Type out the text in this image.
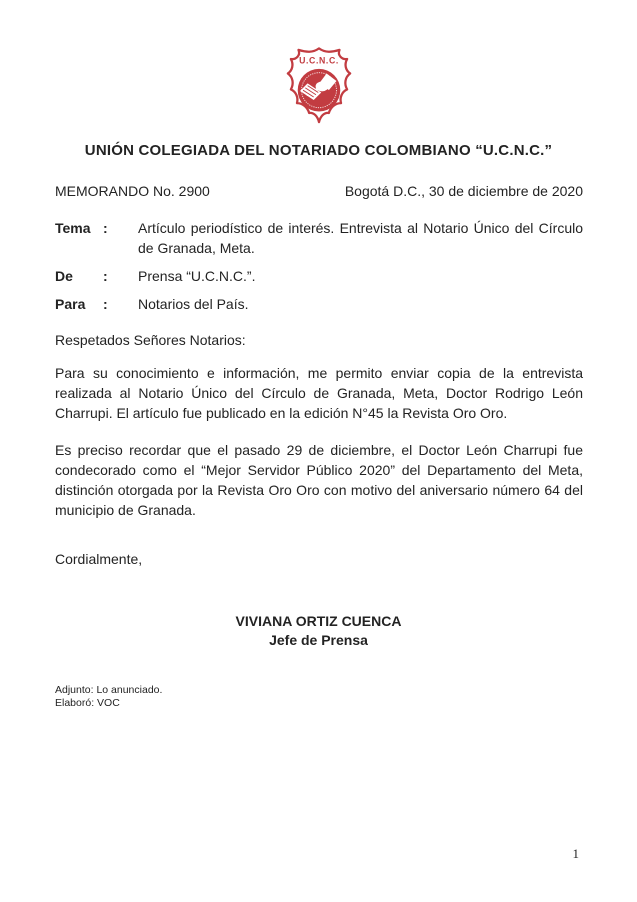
U.C.N.C.
UNIÓN COLEGIADA DEL NOTARIADO COLOMBIANO “U.C.N.C.”
MEMORANDO No. 2900	Bogotá D.C., 30 de diciembre de 2020
Tema :	Artículo periodístico de interés. Entrevista al Notario Único del Círculo de Granada, Meta.
De	:	Prensa “U.C.N.C.”.
Para	:	Notarios del País.
Respetados Señores Notarios:
Para su conocimiento e información, me permito enviar copia de la entrevista realizada al Notario Único del Círculo de Granada, Meta, Doctor Rodrigo León Charrupi. El artículo fue publicado en la edición N°45 la Revista Oro Oro.
Es preciso recordar que el pasado 29 de diciembre, el Doctor León Charrupi fue condecorado como el “Mejor Servidor Público 2020” del Departamento del Meta, distinción otorgada por la Revista Oro Oro con motivo del aniversario número 64 del municipio de Granada.
Cordialmente,
VIVIANA ORTIZ CUENCA
Jefe de Prensa
Adjunto: Lo anunciado.
Elaboró: VOC
1
